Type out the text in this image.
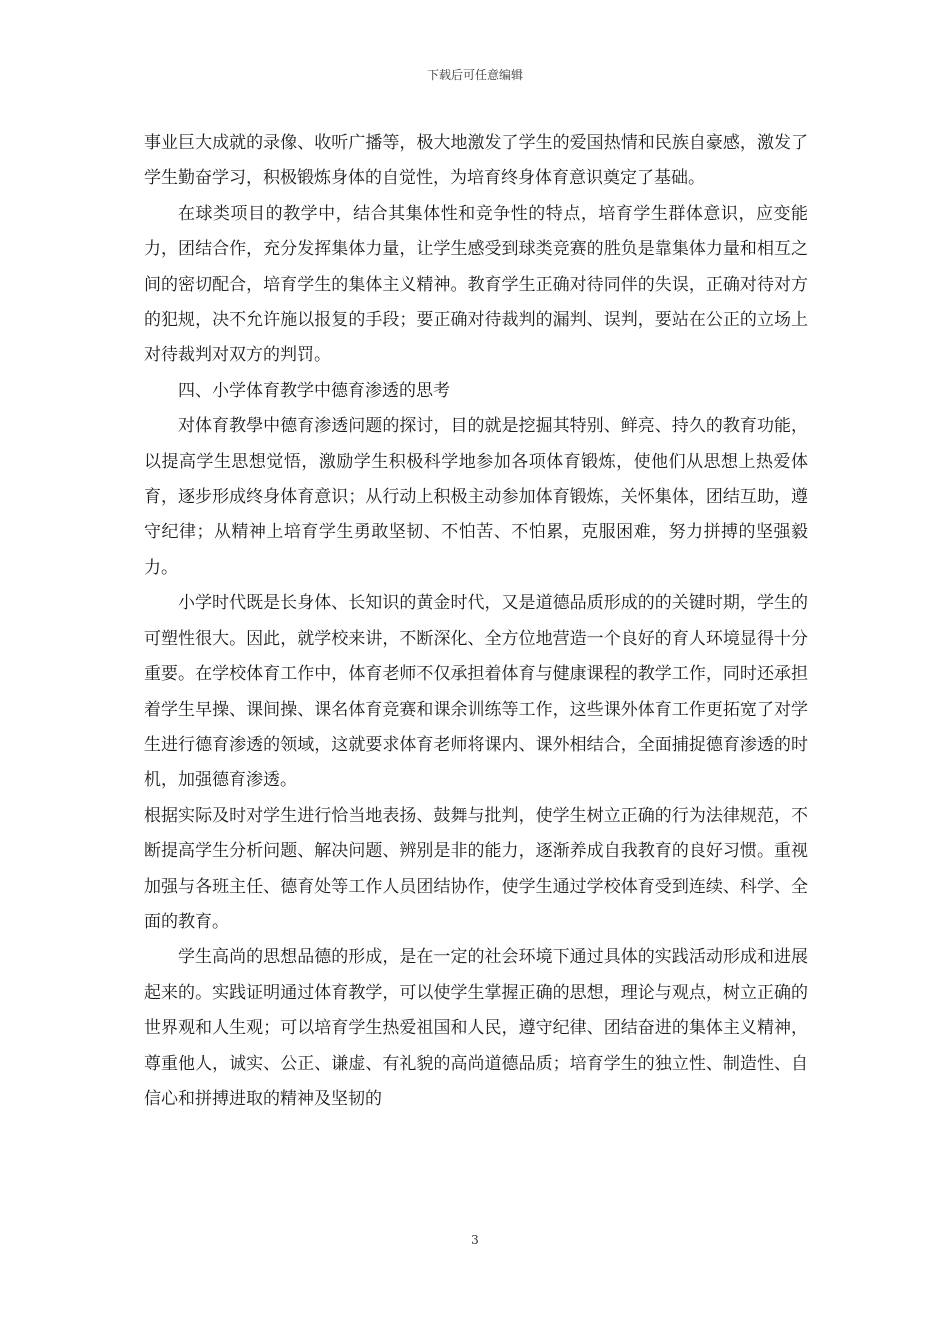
下载后可任意编辑

事业巨大成就的录像、收听广播等，极大地激发了学生的爱国热情和民族自豪感，激发了学生勤奋学习，积极锻炼身体的自觉性，为培育终身体育意识奠定了基础。

在球类项目的教学中，结合其集体性和竞争性的特点，培育学生群体意识，应变能力，团结合作，充分发挥集体力量，让学生感受到球类竞赛的胜负是靠集体力量和相互之间的密切配合，培育学生的集体主义精神。教育学生正确对待同伴的失误，正确对待对方的犯规，决不允许施以报复的手段；要正确对待裁判的漏判、误判，要站在公正的立场上对待裁判对双方的判罚。

四、小学体育教学中德育渗透的思考

对体育教學中德育渗透问题的探讨，目的就是挖掘其特别、鲜亮、持久的教育功能，以提高学生思想觉悟，激励学生积极科学地参加各项体育锻炼，使他们从思想上热爱体育，逐步形成终身体育意识；从行动上积极主动参加体育锻炼，关怀集体，团结互助，遵守纪律；从精神上培育学生勇敢坚韧、不怕苦、不怕累，克服困难，努力拼搏的坚强毅力。

小学时代既是长身体、长知识的黄金时代，又是道德品质形成的的关键时期，学生的可塑性很大。因此，就学校来讲，不断深化、全方位地营造一个良好的育人环境显得十分重要。在学校体育工作中，体育老师不仅承担着体育与健康课程的教学工作，同时还承担着学生早操、课间操、课名体育竞赛和课余训练等工作，这些课外体育工作更拓宽了对学生进行德育渗透的领域，这就要求体育老师将课内、课外相结合，全面捕捉德育渗透的时机，加强德育渗透。

根据实际及时对学生进行恰当地表扬、鼓舞与批判，使学生树立正确的行为法律规范，不断提高学生分析问题、解决问题、辨别是非的能力，逐渐养成自我教育的良好习惯。重视加强与各班主任、德育处等工作人员团结协作，使学生通过学校体育受到连续、科学、全面的教育。

学生高尚的思想品德的形成，是在一定的社会环境下通过具体的实践活动形成和进展起来的。实践证明通过体育教学，可以使学生掌握正确的思想，理论与观点，树立正确的世界观和人生观；可以培育学生热爱祖国和人民，遵守纪律、团结奋进的集体主义精神，尊重他人，诚实、公正、谦虚、有礼貌的高尚道德品质；培育学生的独立性、制造性、自信心和拼搏进取的精神及坚韧的

3
